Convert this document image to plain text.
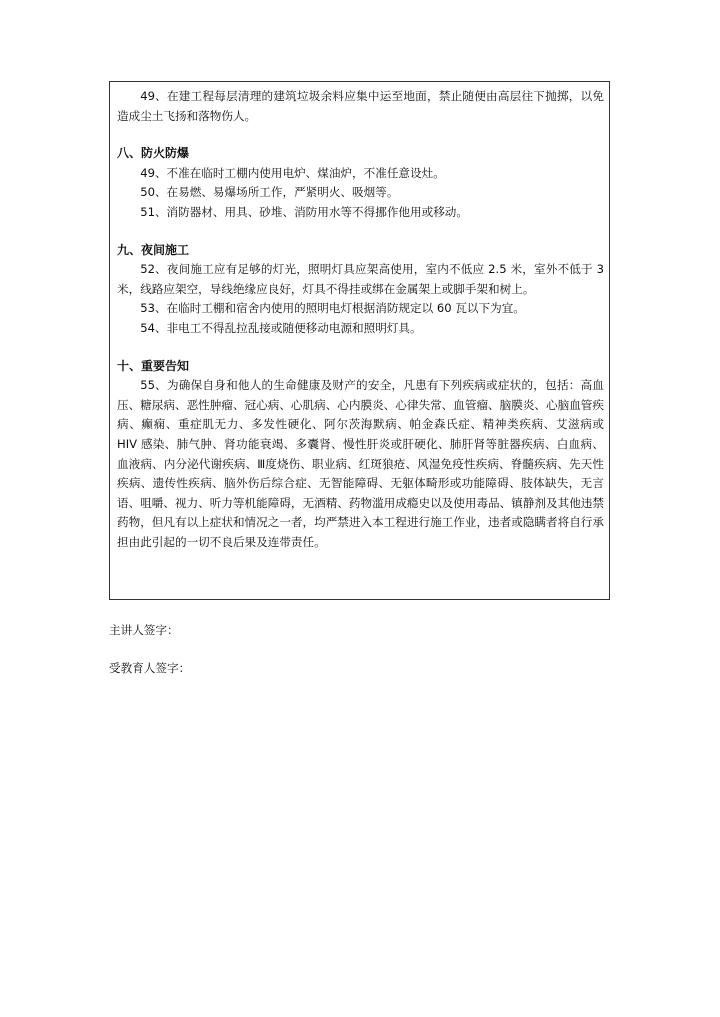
49、在建工程每层清理的建筑垃圾余料应集中运至地面，禁止随便由高层往下抛掷，以免造成尘土飞扬和落物伤人。

八、防火防爆

49、不准在临时工棚内使用电炉、煤油炉，不准任意设灶。

50、在易燃、易爆场所工作，严紧明火、吸烟等。

51、消防器材、用具、砂堆、消防用水等不得挪作他用或移动。

九、夜间施工

52、夜间施工应有足够的灯光，照明灯具应架高使用，室内不低应 2.5 米，室外不低于 3 米，线路应架空，导线绝缘应良好，灯具不得挂或绑在金属架上或脚手架和树上。

53、在临时工棚和宿舍内使用的照明电灯根据消防规定以 60 瓦以下为宜。

54、非电工不得乱拉乱接或随便移动电源和照明灯具。

十、重要告知

55、为确保自身和他人的生命健康及财产的安全，凡患有下列疾病或症状的，包括：高血压、糖尿病、恶性肿瘤、冠心病、心肌病、心内膜炎、心律失常、血管瘤、脑膜炎、心脑血管疾病、癫痫、重症肌无力、多发性硬化、阿尔茨海默病、帕金森氏症、精神类疾病、艾滋病或 HIV 感染、肺气肿、肾功能衰竭、多囊肾、慢性肝炎或肝硬化、肺肝肾等脏器疾病、白血病、血液病、内分泌代谢疾病、Ⅲ度烧伤、职业病、红斑狼疮、风湿免疫性疾病、脊髓疾病、先天性疾病、遗传性疾病、脑外伤后综合症、无智能障碍、无躯体畸形或功能障碍、肢体缺失，无言语、咀嚼、视力、听力等机能障碍，无酒精、药物滥用成瘾史以及使用毒品、镇静剂及其他违禁药物，但凡有以上症状和情况之一者，均严禁进入本工程进行施工作业，违者或隐瞒者将自行承担由此引起的一切不良后果及连带责任。

主讲人签字：
受教育人签字：
